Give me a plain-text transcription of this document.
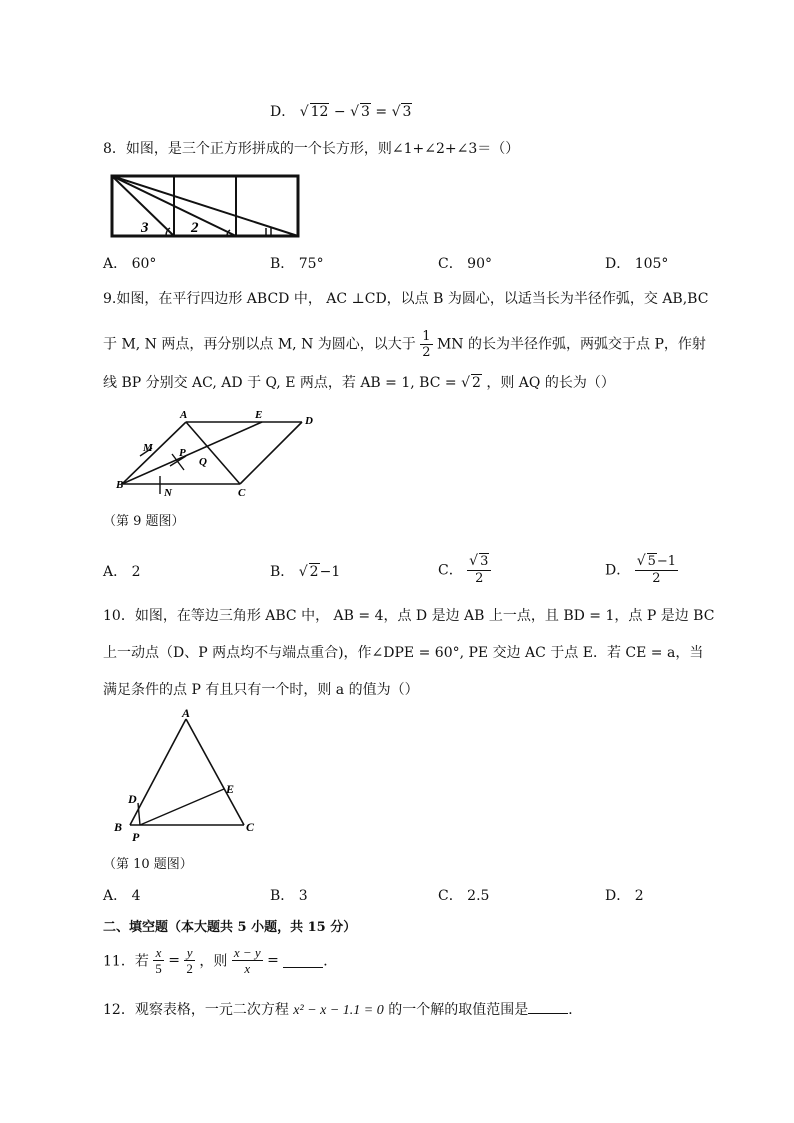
D． √ 12 − √ 3 = √ 3
8．如图，是三个正方形拼成的一个长方形，则∠1+∠2+∠3＝（）
3	2
A． 60°	B． 75°	C． 90°	D． 105°
9.如图，在平行四边形 ABCD 中， AC ⊥CD，以点 B 为圆心，以适当长为半径作弧，交 AB,BC
于 M, N 两点，再分别以点 M, N 为圆心，以大于 $\frac{1}{2}$ MN 的长为半径作弧，两弧交于点 P，作射
线 BP 分别交 AC, AD 于 Q, E 两点，若 AB = 1, BC = √ 2 ，则 AQ 的长为（）
A	E	D
M P
Q
B
N	C
（第 9 题图）
A． 2	B． √ 2−1	C． $\frac{√ 3}{2}$	D． $\frac{√ 5-1}{2}$
10．如图，在等边三角形 ABC 中， AB = 4，点 D 是边 AB 上一点，且 BD = 1，点 P 是边 BC
上一动点（D、P 两点均不与端点重合)，作∠DPE = 60°, PE 交边 AC 于点 E．若 CE = a，当
满足条件的点 P 有且只有一个时，则 a 的值为（）
A
D
E
B
P
C
（第 10 题图）
A． 4	B． 3	C． 2.5	D． 2
二、填空题（本大题共 5 小题，共 15 分）
11．若 $\frac{x}{5} = \frac{y}{2}$ ，则 $\frac{x - y}{x}$ =	．
12．观察表格，一元二次方程 x² − x − 1.1 = 0 的一个解的取值范围是	．
